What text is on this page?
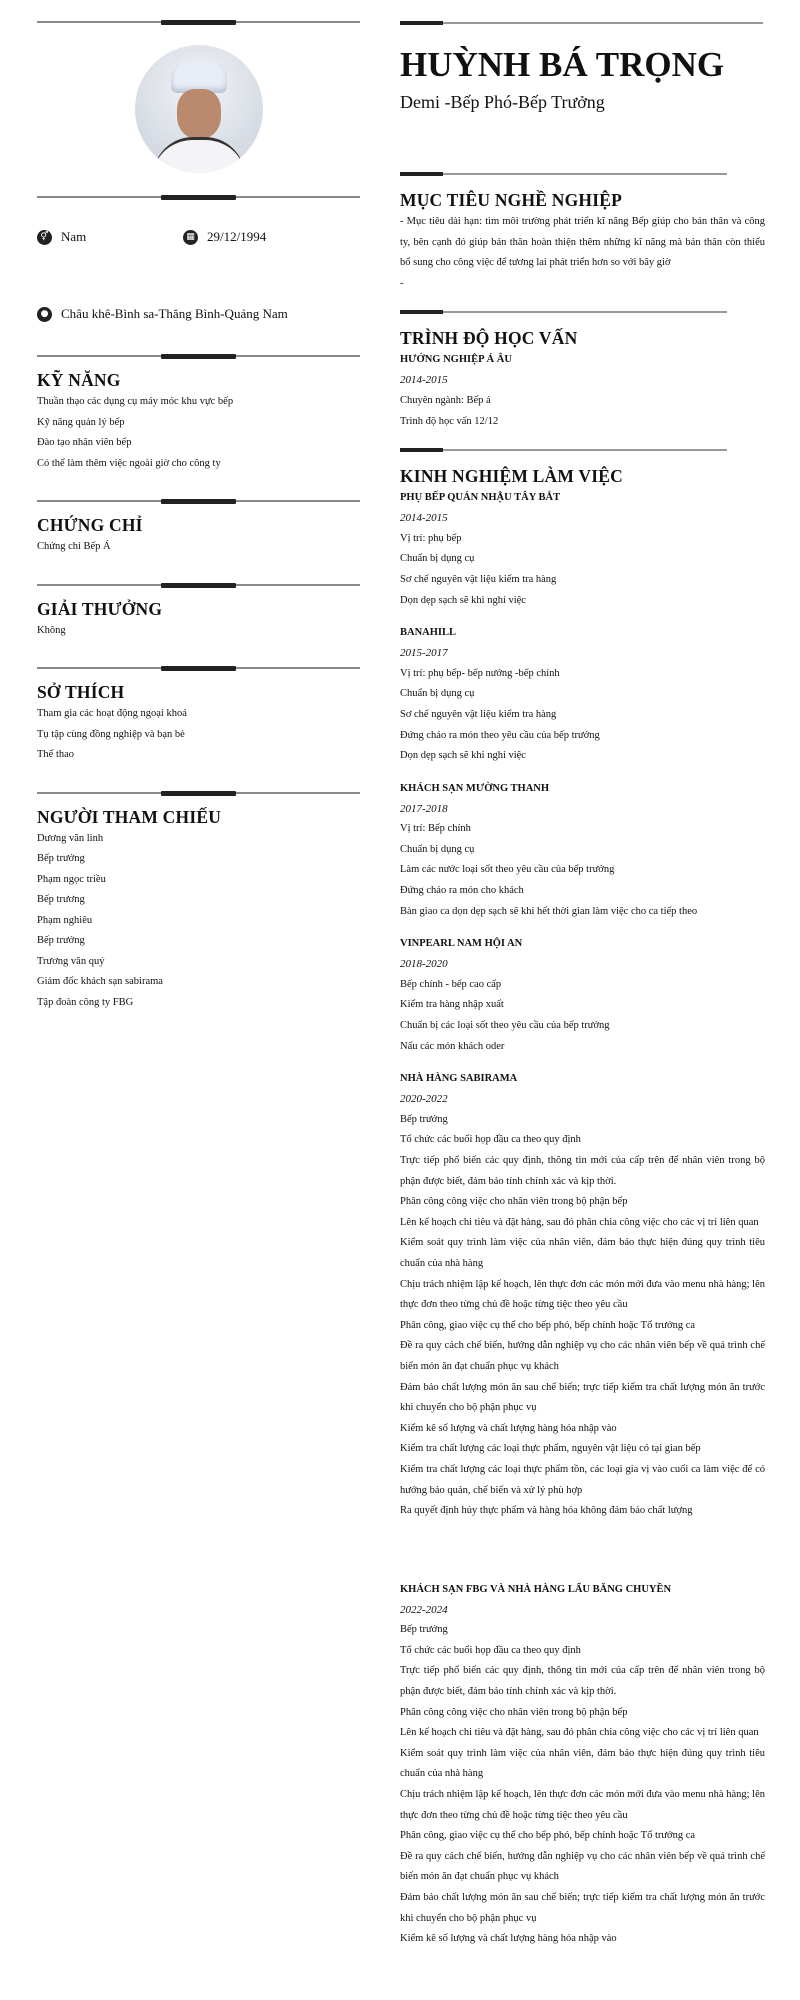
⚥ Nam	▦ 29/12/1994
● Châu khê-Bình sa-Thăng Bình-Quảng Nam
KỸ NĂNG
Thuần thạo các dụng cụ máy móc khu vực bếp
Kỹ năng quản lý bếp
Đào tạo nhân viên bếp
Có thể làm thêm việc ngoài giờ cho công ty
CHỨNG CHỈ
Chứng chỉ Bếp Á
GIẢI THƯỞNG
Không
SỞ THÍCH
Tham gia các hoạt động ngoại khoá
Tụ tập cùng đồng nghiệp và bạn bè
Thể thao
NGƯỜI THAM CHIẾU
Dương văn linh
Bếp trưởng
Phạm ngọc triều
Bếp trương
Phạm nghiêu
Bếp trưởng
Trương văn quý
Giám đốc khách sạn sabirama
Tập đoàn công ty FBG
HUỲNH BÁ TRỌNG
Demi -Bếp Phó-Bếp Trưởng
MỤC TIÊU NGHỀ NGHIỆP
- Mục tiêu dài hạn: tìm môi trường phát triển kĩ năng Bếp giúp cho bản thân và công ty, bên cạnh đó giúp bản thân hoàn thiện thêm những kĩ năng mà bản thân còn thiếu bổ sung cho công việc để tương lai phát triển hơn so với bây giờ
-
TRÌNH ĐỘ HỌC VẤN
HƯỚNG NGHIỆP Á ÂU
2014-2015
Chuyên ngành: Bếp á
Trình độ học vấn 12/12
KINH NGHIỆM LÀM VIỆC
PHỤ BẾP QUÁN NHẬU TÂY BẮT
2014-2015
Vị trí: phụ bếp
Chuẩn bị dụng cụ
Sơ chế nguyên vật liệu kiểm tra hàng
Dọn dẹp sạch sẽ khi nghỉ việc
BANAHILL
2015-2017
Vị trí: phụ bếp- bếp nướng -bếp chính
Chuẩn bị dụng cụ
Sơ chế nguyên vật liệu kiểm tra hàng
Đứng chảo ra món theo yêu cầu của bếp trưởng
Dọn dẹp sạch sẽ khi nghỉ việc
KHÁCH SẠN MƯỜNG THANH
2017-2018
Vị trí: Bếp chính
Chuẩn bị dụng cụ
Làm các nước loại sốt theo yêu cầu của bếp trưởng
Đứng chảo ra món cho khách
Bàn giao ca dọn dẹp sạch sẽ khi hết thời gian làm việc cho ca tiếp theo
VINPEARL NAM HỘI AN
2018-2020
Bếp chính - bếp cao cấp
Kiểm tra hàng nhập xuất
Chuẩn bị các loại sốt theo yêu cầu của bếp trưởng
Nấu các món khách oder
NHÀ HÀNG SABIRAMA
2020-2022
Bếp trưởng
Tổ chức các buổi họp đầu ca theo quy định
Trực tiếp phổ biến các quy định, thông tin mới của cấp trên để nhân viên trong bộ phận được biết, đảm bảo tính chính xác và kịp thời.
Phân công công việc cho nhân viên trong bộ phận bếp
Lên kế hoạch chi tiêu và đặt hàng, sau đó phân chia công việc cho các vị trí liên quan
Kiểm soát quy trình làm việc của nhân viên, đảm bảo thực hiện đúng quy trình tiêu chuẩn của nhà hàng
Chịu trách nhiệm lập kế hoạch, lên thực đơn các món mới đưa vào menu nhà hàng; lên thực đơn theo từng chủ đề hoặc từng tiệc theo yêu cầu
Phân công, giao việc cụ thể cho bếp phó, bếp chính hoặc Tổ trưởng ca
Đề ra quy cách chế biến, hướng dẫn nghiệp vụ cho các nhân viên bếp về quá trình chế biến món ăn đạt chuẩn phục vụ khách
Đảm bảo chất lượng món ăn sau chế biến; trực tiếp kiểm tra chất lượng món ăn trước khi chuyển cho bộ phận phục vụ
Kiểm kê số lượng và chất lượng hàng hóa nhập vào
Kiểm tra chất lượng các loại thực phẩm, nguyên vật liệu có tại gian bếp
Kiểm tra chất lượng các loại thực phẩm tồn, các loại gia vị vào cuối ca làm việc để có hướng bảo quản, chế biến và xử lý phù hợp
Ra quyết định hủy thực phẩm và hàng hóa không đảm bảo chất lượng
KHÁCH SẠN FBG VÀ NHÀ HÀNG LẨU BĂNG CHUYỀN
2022-2024
Bếp trưởng
Tổ chức các buổi họp đầu ca theo quy định
Trực tiếp phổ biến các quy định, thông tin mới của cấp trên để nhân viên trong bộ phận được biết, đảm bảo tính chính xác và kịp thời.
Phân công công việc cho nhân viên trong bộ phận bếp
Lên kế hoạch chi tiêu và đặt hàng, sau đó phân chia công việc cho các vị trí liên quan
Kiểm soát quy trình làm việc của nhân viên, đảm bảo thực hiện đúng quy trình tiêu chuẩn của nhà hàng
Chịu trách nhiệm lập kế hoạch, lên thực đơn các món mới đưa vào menu nhà hàng; lên thực đơn theo từng chủ đề hoặc từng tiệc theo yêu cầu
Phân công, giao việc cụ thể cho bếp phó, bếp chính hoặc Tổ trưởng ca
Đề ra quy cách chế biến, hướng dẫn nghiệp vụ cho các nhân viên bếp về quá trình chế biến món ăn đạt chuẩn phục vụ khách
Đảm bảo chất lượng món ăn sau chế biến; trực tiếp kiểm tra chất lượng món ăn trước khi chuyển cho bộ phận phục vụ
Kiểm kê số lượng và chất lượng hàng hóa nhập vào
